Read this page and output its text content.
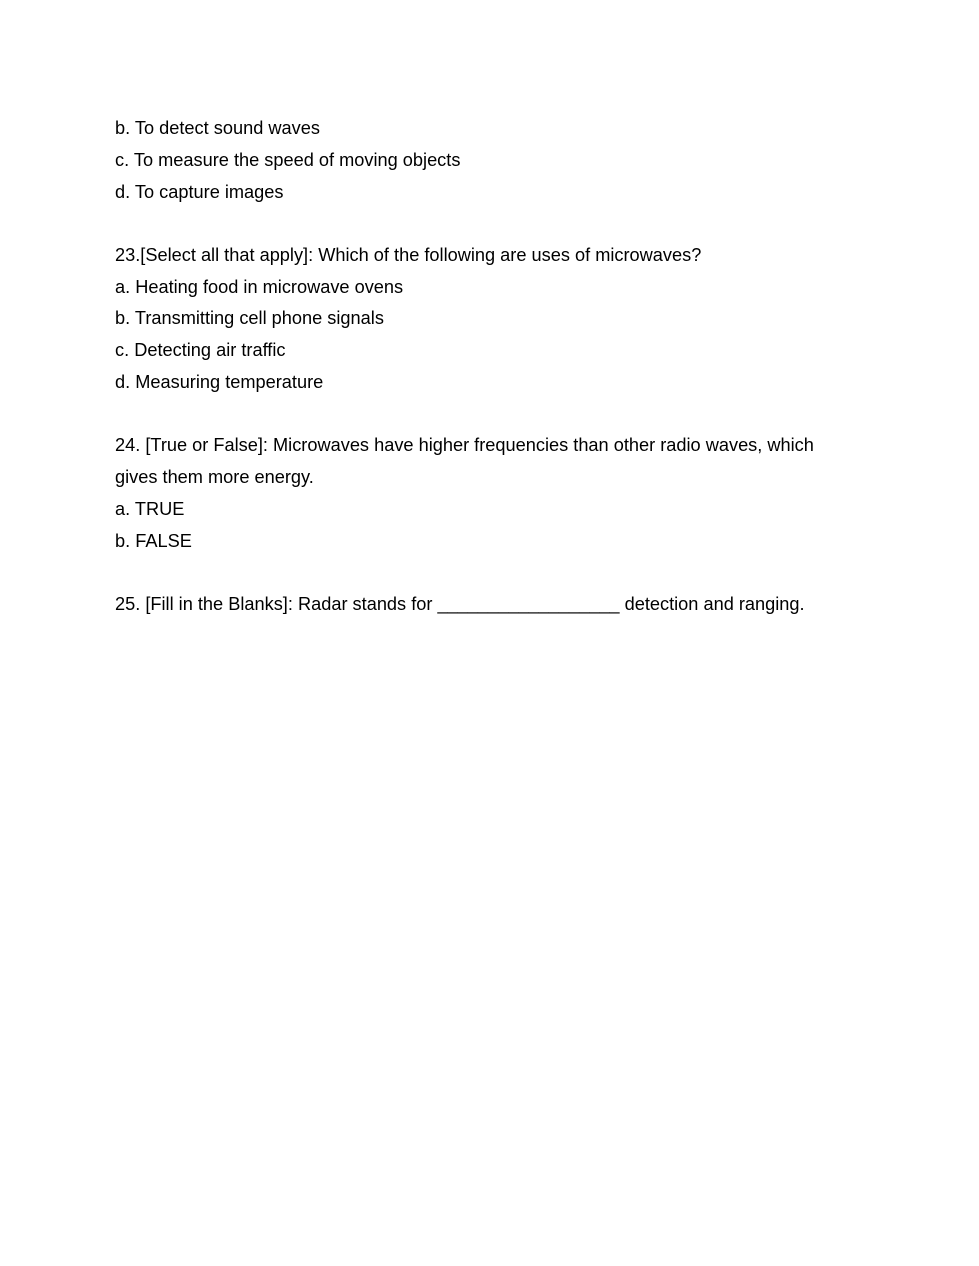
b. To detect sound waves
c. To measure the speed of moving objects
d. To capture images
23.[Select all that apply]: Which of the following are uses of microwaves?
a. Heating food in microwave ovens
b. Transmitting cell phone signals
c. Detecting air traffic
d. Measuring temperature
24. [True or False]: Microwaves have higher frequencies than other radio waves, which
gives them more energy.
a. TRUE
b. FALSE
25. [Fill in the Blanks]: Radar stands for __________________ detection and ranging.
